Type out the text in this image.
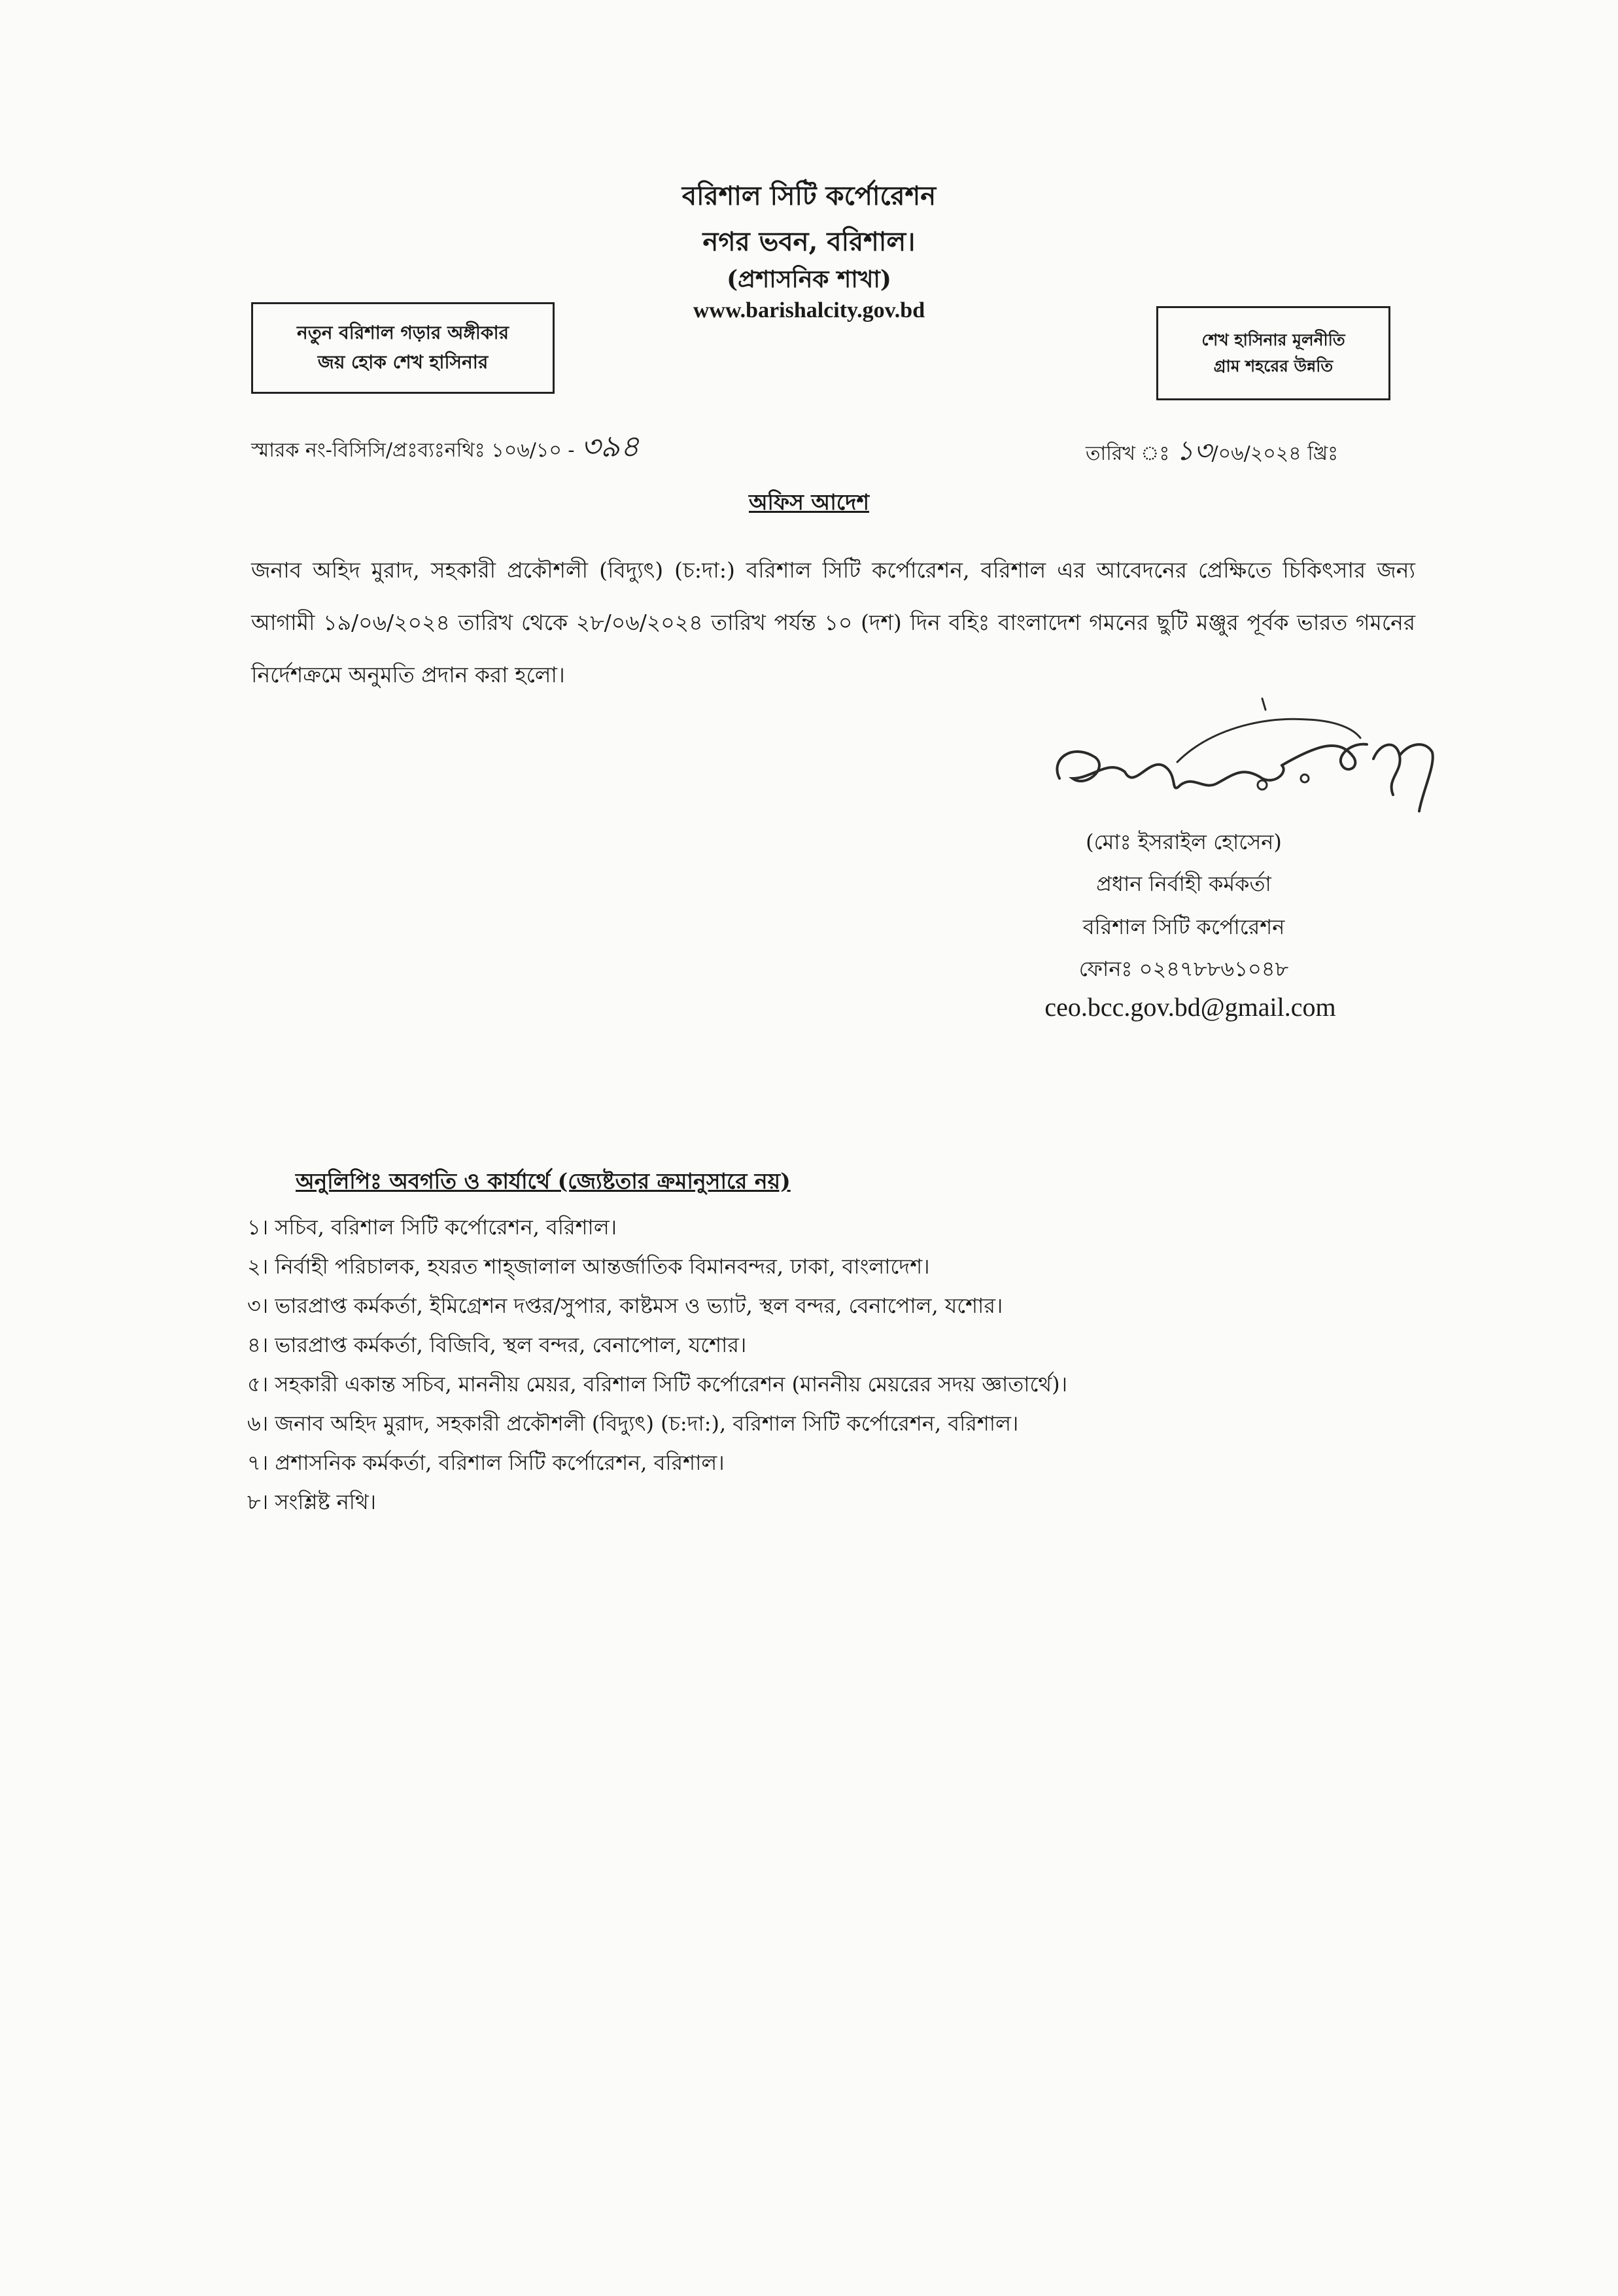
বরিশাল সিটি কর্পোরেশন
নগর ভবন, বরিশাল।
(প্রশাসনিক শাখা)
www.barishalcity.gov.bd
নতুন বরিশাল গড়ার অঙ্গীকার
জয় হোক শেখ হাসিনার
শেখ হাসিনার মূলনীতি
গ্রাম শহরের উন্নতি
স্মারক নং-বিসিসি/প্রঃব্যঃনথিঃ ১০৬/১০ - ৩৯৪	তারিখ ঃ ১৩/০৬/২০২৪ খ্রিঃ
অফিস আদেশ
জনাব অহিদ মুরাদ, সহকারী প্রকৌশলী (বিদ্যুৎ) (চ:দা:) বরিশাল সিটি কর্পোরেশন, বরিশাল এর আবেদনের প্রেক্ষিতে চিকিৎসার জন্য আগামী ১৯/০৬/২০২৪ তারিখ থেকে ২৮/০৬/২০২৪ তারিখ পর্যন্ত ১০ (দশ) দিন বহিঃ বাংলাদেশ গমনের ছুটি মঞ্জুর পূর্বক ভারত গমনের নির্দেশক্রমে অনুমতি প্রদান করা হলো।
(মোঃ ইসরাইল হোসেন)
প্রধান নির্বাহী কর্মকর্তা
বরিশাল সিটি কর্পোরেশন
ফোনঃ ০২৪৭৮৮৬১০৪৮
ceo.bcc.gov.bd@gmail.com
অনুলিপিঃ অবগতি ও কার্যার্থে (জ্যেষ্টতার ক্রমানুসারে নয়)
১। সচিব, বরিশাল সিটি কর্পোরেশন, বরিশাল।
২। নির্বাহী পরিচালক, হযরত শাহ্জালাল আন্তর্জাতিক বিমানবন্দর, ঢাকা, বাংলাদেশ।
৩। ভারপ্রাপ্ত কর্মকর্তা, ইমিগ্রেশন দপ্তর/সুপার, কাষ্টমস ও ভ্যাট, স্থল বন্দর, বেনাপোল, যশোর।
৪। ভারপ্রাপ্ত কর্মকর্তা, বিজিবি, স্থল বন্দর, বেনাপোল, যশোর।
৫। সহকারী একান্ত সচিব, মাননীয় মেয়র, বরিশাল সিটি কর্পোরেশন (মাননীয় মেয়রের সদয় জ্ঞাতার্থে)।
৬। জনাব অহিদ মুরাদ, সহকারী প্রকৌশলী (বিদ্যুৎ) (চ:দা:), বরিশাল সিটি কর্পোরেশন, বরিশাল।
৭। প্রশাসনিক কর্মকর্তা, বরিশাল সিটি কর্পোরেশন, বরিশাল।
৮। সংশ্লিষ্ট নথি।
